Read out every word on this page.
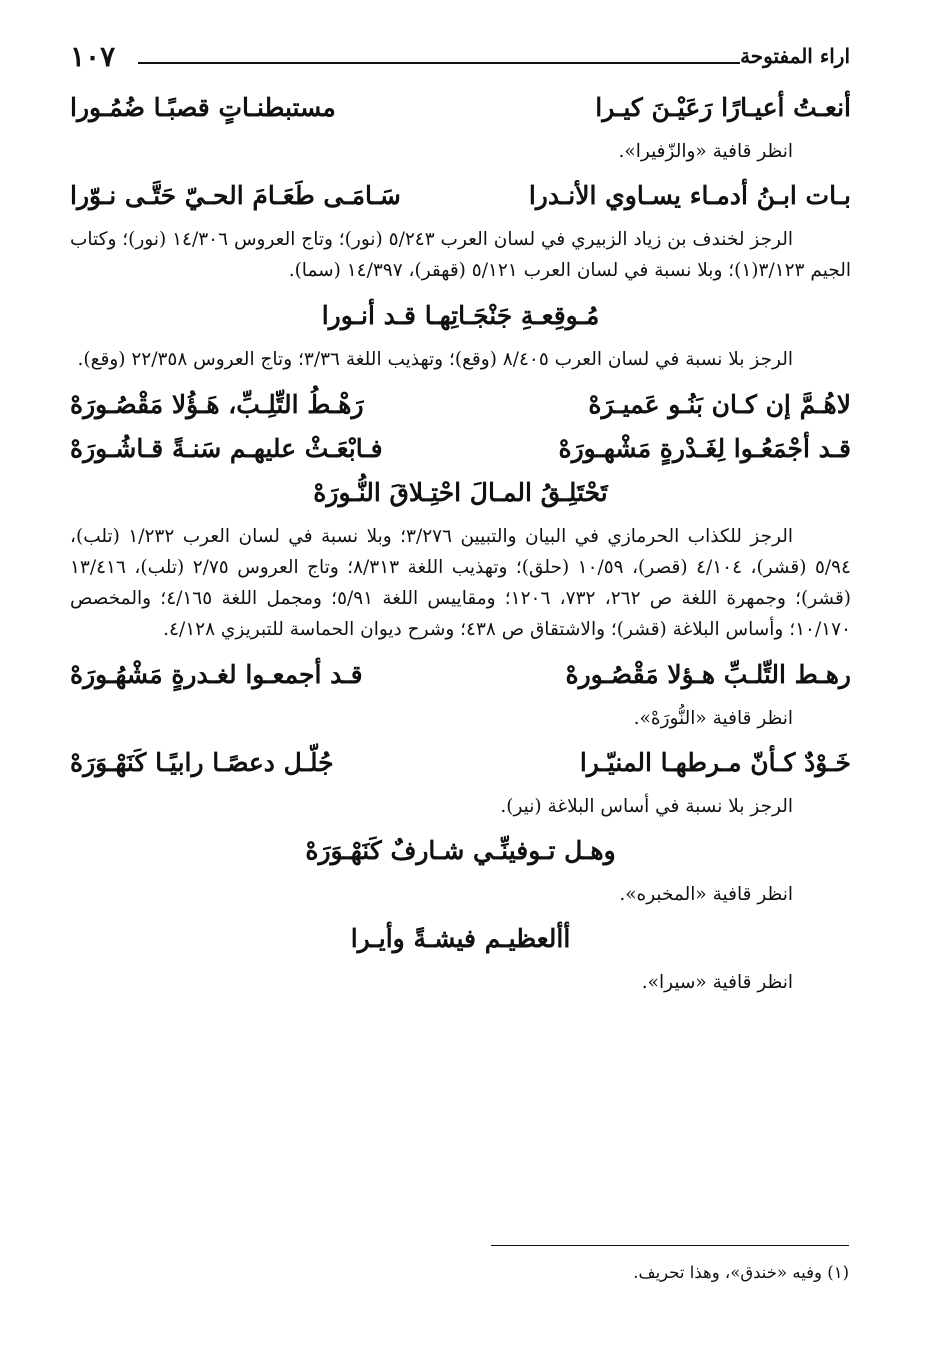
اراء المفتوحة
١٠٧
أنعـتُ أعيـارًا رَعَيْـنَ كيـرا
مستبطنـاتٍ قصبًـا ضُمُـورا

انظر قافية «والزّفيرا».

بـات ابـنُ أدمـاء يسـاوي الأنـدرا
سَـامَـى طَعَـامَ الحـيّ حَتَّـى نـوّرا

الرجز لخندف بن زياد الزبيري في لسان العرب ٥/٢٤٣ (نور)؛ وتاج العروس ١٤/٣٠٦ (نور)؛ وكتاب الجيم ٣/١٢٣(١)؛ وبلا نسبة في لسان العرب ٥/١٢١ (قهقر)، ١٤/٣٩٧ (سما).

مُـوقِعـةِ جَنْجَـاتِهـا قـد أنـورا

الرجز بلا نسبة في لسان العرب ٨/٤٠٥ (وقع)؛ وتهذيب اللغة ٣/٣٦؛ وتاج العروس ٢٢/٣٥٨ (وقع).

لاهُـمَّ إن كـان بَنُـو عَميـرَهْ
رَهْـطُ التِّلِـبِّ، هَـؤُلا مَقْصُـورَهْ
قـد أجْمَعُـوا لِغَـدْرةٍ مَشْهـورَهْ
فـابْعَـثْ عليهـم سَنـةً قـاشُـورَهْ
تَحْتَلِـقُ المـالَ احْتِـلاقَ النُّـورَهْ

الرجز للكذاب الحرمازي في البيان والتبيين ٣/٢٧٦؛ وبلا نسبة في لسان العرب ١/٢٣٢ (تلب)، ٥/٩٤ (قشر)، ٤/١٠٤ (قصر)، ١٠/٥٩ (حلق)؛ وتهذيب اللغة ٨/٣١٣؛ وتاج العروس ٢/٧٥ (تلب)، ١٣/٤١٦ (قشر)؛ وجمهرة اللغة ص ٢٦٢، ٧٣٢، ١٢٠٦؛ ومقاييس اللغة ٥/٩١؛ ومجمل اللغة ٤/١٦٥؛ والمخصص ١٠/١٧٠؛ وأساس البلاغة (قشر)؛ والاشتقاق ص ٤٣٨؛ وشرح ديوان الحماسة للتبريزي ٤/١٢٨.

رهـط التِّلـبِّ هـؤلا مَقْصُـورهْ
قـد أجمعـوا لغـدرةٍ مَشْهُـورَهْ

انظر قافية «النُّورَهْ».

خَـوْدٌ كـأنّ مـرطهـا المنيّـرا
جُلّـل دعصًـا رابيًـا كَنَهْـوَرَهْ

الرجز بلا نسبة في أساس البلاغة (نير).

وهـل تـوفينِّـي شـارفٌ كَنَهْـوَرَهْ

انظر قافية «المخبره».

أألعظيـم فيشـةً وأيـرا

انظر قافية «سيرا».

(١) وفيه «خندق»، وهذا تحريف.
